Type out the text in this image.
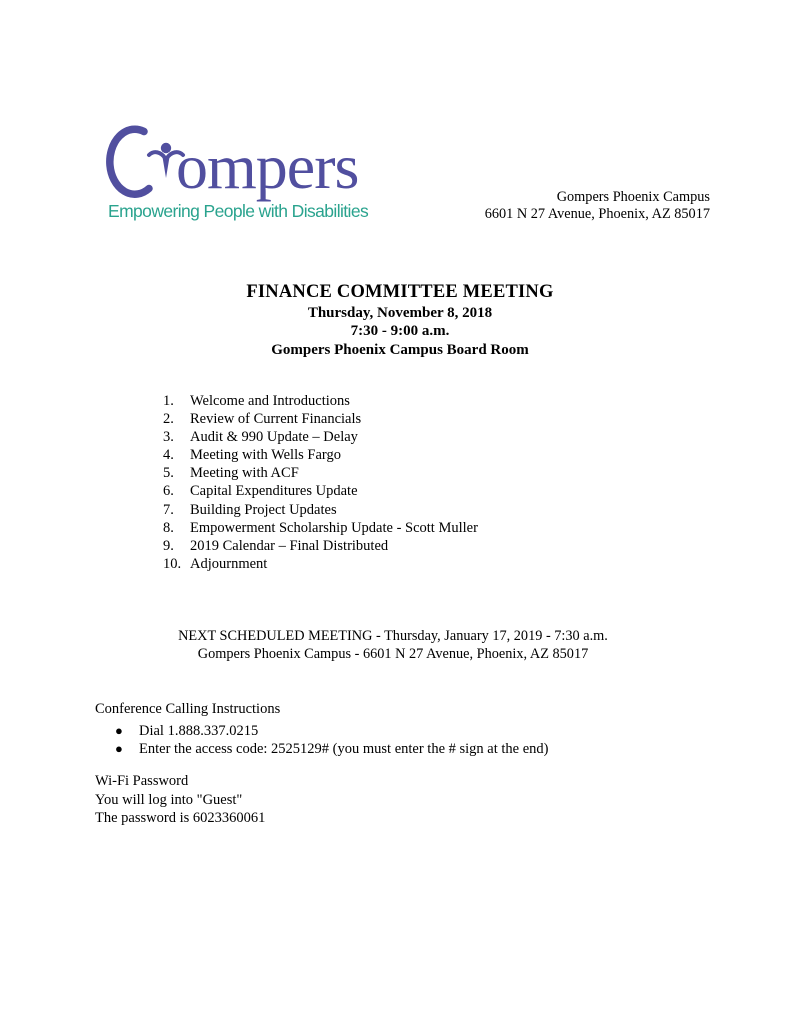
ompers
Empowering People with Disabilities
Gompers Phoenix Campus
6601 N 27 Avenue, Phoenix, AZ 85017
FINANCE COMMITTEE MEETING
Thursday, November 8, 2018
7:30 - 9:00 a.m.
Gompers Phoenix Campus Board Room
1.	Welcome and Introductions
2.	Review of Current Financials
3.	Audit & 990 Update – Delay
4.	Meeting with Wells Fargo
5.	Meeting with ACF
6.	Capital Expenditures Update
7.	Building Project Updates
8.	Empowerment Scholarship Update - Scott Muller
9.	2019 Calendar – Final Distributed
10. Adjournment
NEXT SCHEDULED MEETING - Thursday, January 17, 2019 - 7:30 a.m.
Gompers Phoenix Campus - 6601 N 27 Avenue, Phoenix, AZ 85017
Conference Calling Instructions
● Dial 1.888.337.0215
● Enter the access code: 2525129# (you must enter the # sign at the end)
Wi-Fi Password
You will log into "Guest"
The password is 6023360061
